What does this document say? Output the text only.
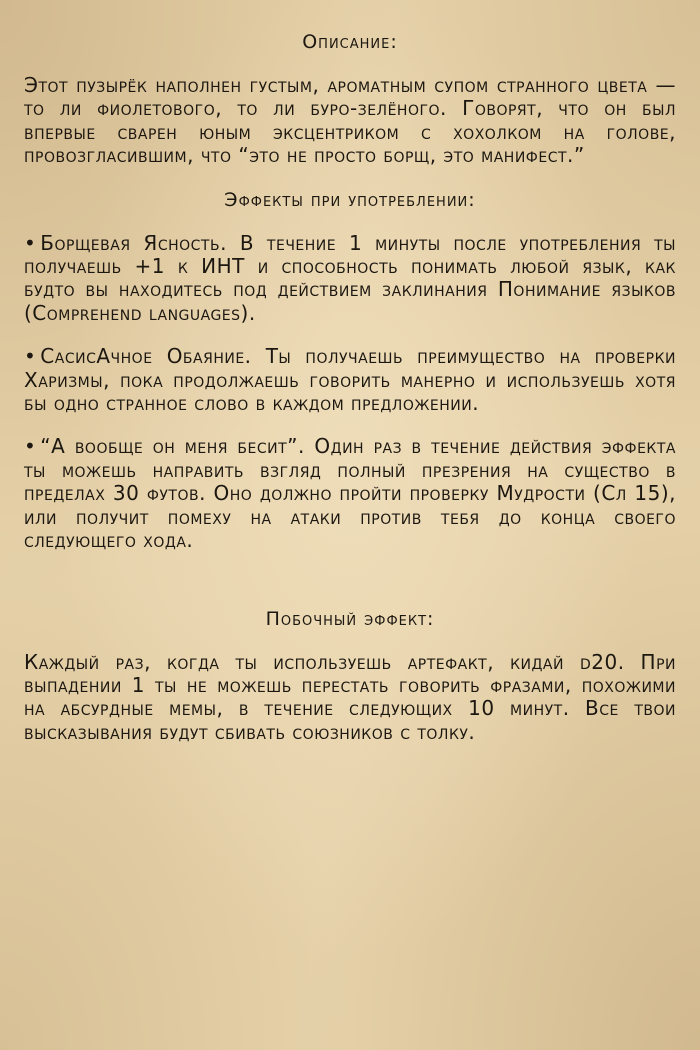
Описание:
Этот пузырёк наполнен густым, ароматным супом странного цвета — то ли фиолетового, то ли буро-зелёного. Говорят, что он был впервые сварен юным эксцентриком с хохолком на голове, провозгласившим, что “это не просто борщ, это манифест.”
Эффекты при употреблении:
• Борщевая Ясность. В течение 1 минуты после употребления ты получаешь +1 к ИНТ и способность понимать любой язык, как будто вы находитесь под действием заклинания Понимание языков (Comprehend languages).
• СасисАчное Обаяние. Ты получаешь преимущество на проверки Харизмы, пока продолжаешь говорить манерно и используешь хотя бы одно странное слово в каждом предложении.
• “А вообще он меня бесит”. Один раз в течение действия эффекта ты можешь направить взгляд полный презрения на существо в пределах 30 футов. Оно должно пройти проверку Мудрости (Сл 15), или получит помеху на атаки против тебя до конца своего следующего хода.
Побочный эффект:
Каждый раз, когда ты используешь артефакт, кидай d20. При выпадении 1 ты не можешь перестать говорить фразами, похожими на абсурдные мемы, в течение следующих 10 минут. Все твои высказывания будут сбивать союзников с толку.
